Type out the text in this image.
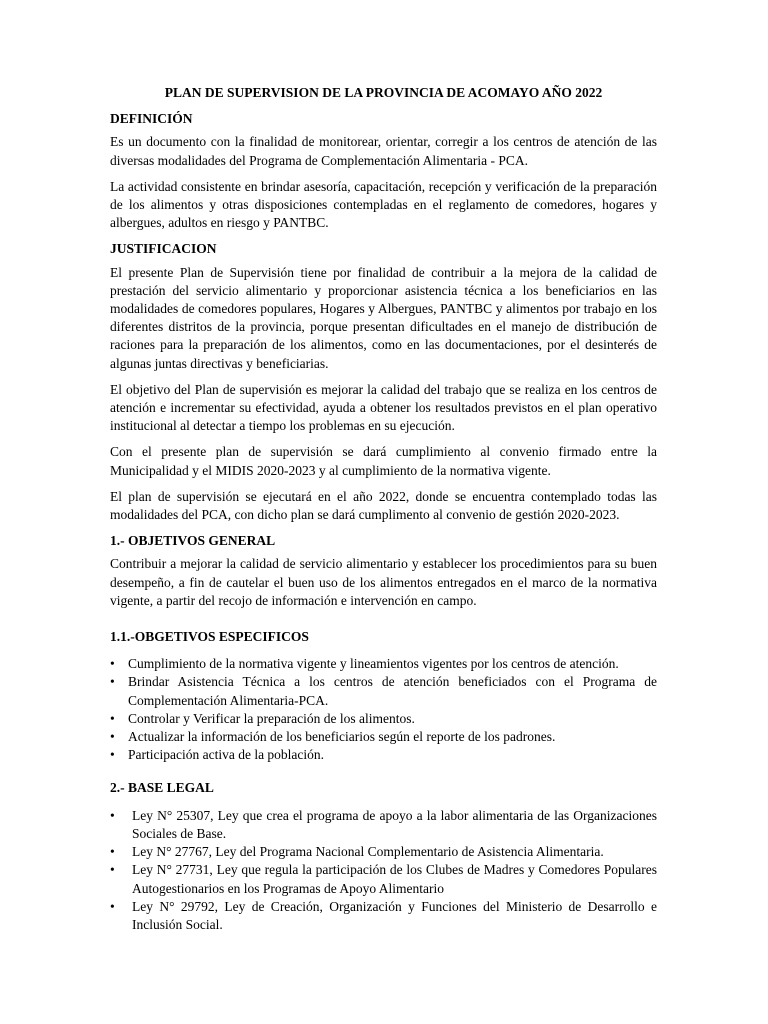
PLAN DE SUPERVISION DE LA PROVINCIA DE ACOMAYO AÑO 2022
DEFINICIÓN

Es un documento con la finalidad de monitorear, orientar, corregir a los centros de atención de las diversas modalidades del Programa de Complementación Alimentaria - PCA.

La actividad consistente en brindar asesoría, capacitación, recepción y verificación de la preparación de los alimentos y otras disposiciones contempladas en el reglamento de comedores, hogares y albergues, adultos en riesgo y PANTBC.

JUSTIFICACION

El presente Plan de Supervisión tiene por finalidad de contribuir a la mejora de la calidad de prestación del servicio alimentario y proporcionar asistencia técnica a los beneficiarios en las modalidades de comedores populares, Hogares y Albergues, PANTBC y alimentos por trabajo en los diferentes distritos de la provincia, porque presentan dificultades en el manejo de distribución de raciones para la preparación de los alimentos, como en las documentaciones, por el desinterés de algunas juntas directivas y beneficiarias.

El objetivo del Plan de supervisión es mejorar la calidad del trabajo que se realiza en los centros de atención e incrementar su efectividad, ayuda a obtener los resultados previstos en el plan operativo institucional al detectar a tiempo los problemas en su ejecución.

Con el presente plan de supervisión se dará cumplimiento al convenio firmado entre la Municipalidad y el MIDIS 2020-2023 y al cumplimiento de la normativa vigente.

El plan de supervisión se ejecutará en el año 2022, donde se encuentra contemplado todas las modalidades del PCA, con dicho plan se dará cumplimento al convenio de gestión 2020-2023.

1.- OBJETIVOS GENERAL

Contribuir a mejorar la calidad de servicio alimentario y establecer los procedimientos para su buen desempeño, a fin de cautelar el buen uso de los alimentos entregados en el marco de la normativa vigente, a partir del recojo de información e intervención en campo.

1.1.-OBGETIVOS ESPECIFICOS
• Cumplimiento de la normativa vigente y lineamientos vigentes por los centros de atención.
• Brindar Asistencia Técnica a los centros de atención beneficiados con el Programa de Complementación Alimentaria-PCA.
• Controlar y Verificar la preparación de los alimentos.
• Actualizar la información de los beneficiarios según el reporte de los padrones.
• Participación activa de la población.
2.- BASE LEGAL
• Ley N° 25307, Ley que crea el programa de apoyo a la labor alimentaria de las Organizaciones Sociales de Base.
• Ley N° 27767, Ley del Programa Nacional Complementario de Asistencia Alimentaria.
• Ley N° 27731, Ley que regula la participación de los Clubes de Madres y Comedores Populares Autogestionarios en los Programas de Apoyo Alimentario
• Ley N° 29792, Ley de Creación, Organización y Funciones del Ministerio de Desarrollo e Inclusión Social.
